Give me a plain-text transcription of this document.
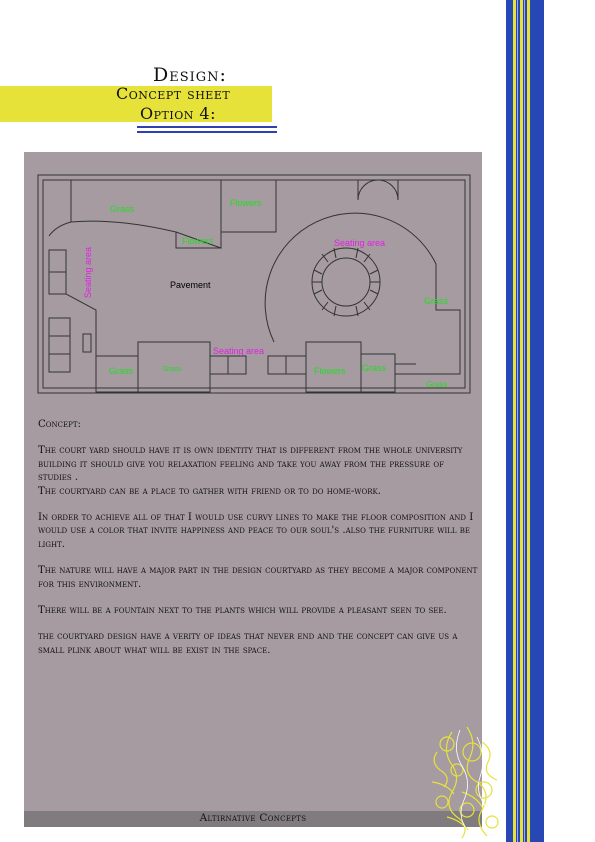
Design:
Concept sheet
Option 4:
Grass
Flowers
Flowers	Seating area
Seating area	Pavement
Grass
Seating area
Grass	Grass	Flowers Grass
Grass

Concept:

The court yard should have it is own identity that is different from the whole university building it should give you relaxation feeling and take you away from the pressure of studies .

The courtyard can be a place to gather with friend or to do home-work.

In order to achieve all of that I would use curvy lines to make the floor composition and I would use a color that invite happiness and peace to our soul's .also the furniture will be light.

The nature will have a major part in the design courtyard as they become a major component for this environment.

There will be a fountain next to the plants which will provide a pleasant seen to see.

the courtyard design have a verity of ideas that never end and the concept can give us a small plink about what will be exist in the space.

Altirnative Concepts
